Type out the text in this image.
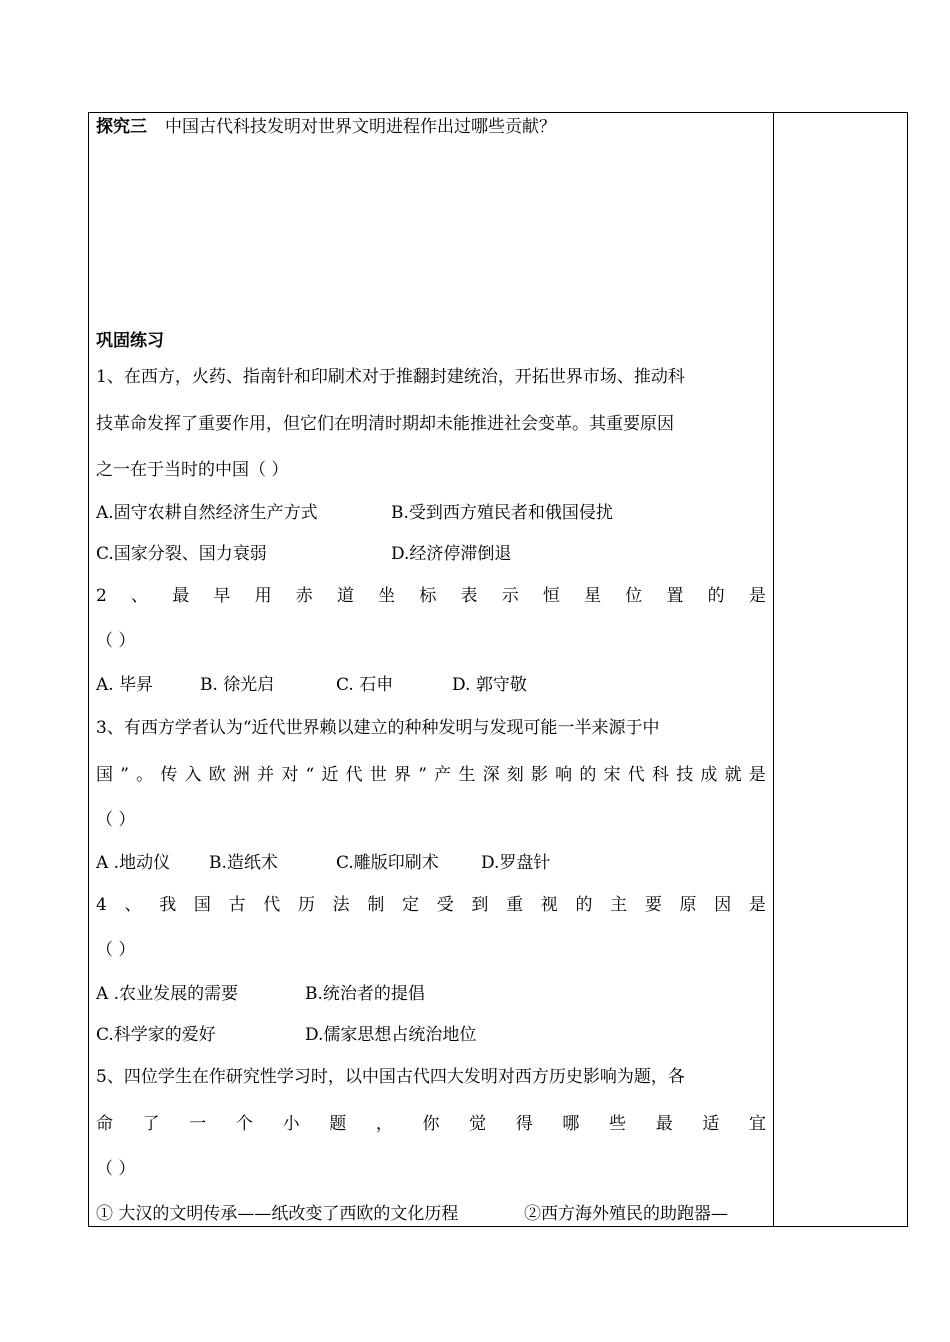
探究三 中国古代科技发明对世界文明进程作出过哪些贡献？
巩固练习
1、在西方，火药、指南针和印刷术对于推翻封建统治，开拓世界市场、推动科
技革命发挥了重要作用，但它们在明清时期却未能推进社会变革。其重要原因
之一在于当时的中国（ ）
A.固守农耕自然经济生产方式	B.受到西方殖民者和俄国侵扰
C.国家分裂、国力衰弱	D.经济停滞倒退
2 、 最 早 用 赤 道 坐 标 表 示 恒 星 位 置 的 是
（ ）
A. 毕昇	B. 徐光启	C. 石申	D. 郭守敬
3、有西方学者认为“近代世界赖以建立的种种发明与发现可能一半来源于中
国 ” 。 传 入 欧 洲 并 对 “ 近 代 世 界 ” 产 生 深 刻 影 响 的 宋 代 科 技 成 就 是
（ ）
A .地动仪 B.造纸术	C.雕版印刷术 D.罗盘针
4 、 我 国 古 代 历 法 制 定 受 到 重 视 的 主 要 原 因 是
（ ）
A .农业发展的需要	B.统治者的提倡
C.科学家的爱好	D.儒家思想占统治地位
5、四位学生在作研究性学习时，以中国古代四大发明对西方历史影响为题，各
命 了 一 个 小 题 ， 你 觉 得 哪 些 最 适 宜
（ ）
① 大汉的文明传承——纸改变了西欧的文化历程	②西方海外殖民的助跑器—
